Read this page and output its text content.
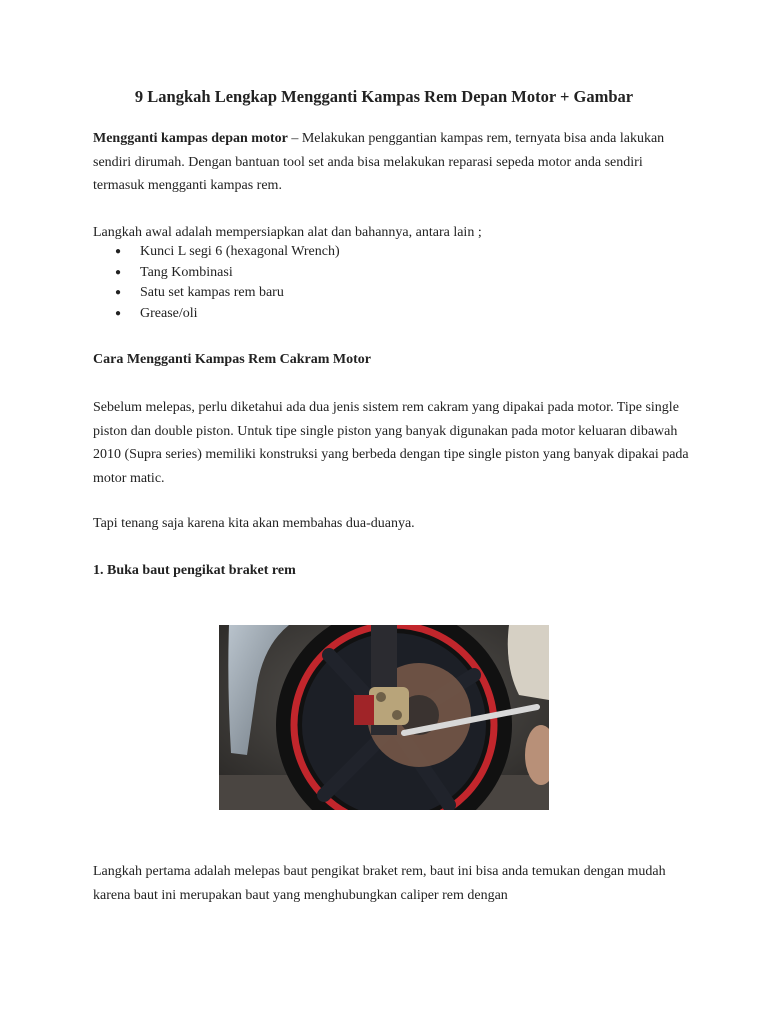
9 Langkah Lengkap Mengganti Kampas Rem Depan Motor + Gambar

Mengganti kampas depan motor – Melakukan penggantian kampas rem, ternyata bisa anda lakukan sendiri dirumah. Dengan bantuan tool set anda bisa melakukan reparasi sepeda motor anda sendiri termasuk mengganti kampas rem.

Langkah awal adalah mempersiapkan alat dan bahannya, antara lain ;

● Kunci L segi 6 (hexagonal Wrench)
● Tang Kombinasi
● Satu set kampas rem baru
● Grease/oli
Cara Mengganti Kampas Rem Cakram Motor

Sebelum melepas, perlu diketahui ada dua jenis sistem rem cakram yang dipakai pada motor. Tipe single piston dan double piston. Untuk tipe single piston yang banyak digunakan pada motor keluaran dibawah 2010 (Supra series) memiliki konstruksi yang berbeda dengan tipe single piston yang banyak dipakai pada motor matic.

Tapi tenang saja karena kita akan membahas dua-duanya.

1. Buka baut pengikat braket rem

Langkah pertama adalah melepas baut pengikat braket rem, baut ini bisa anda temukan dengan mudah karena baut ini merupakan baut yang menghubungkan caliper rem dengan
